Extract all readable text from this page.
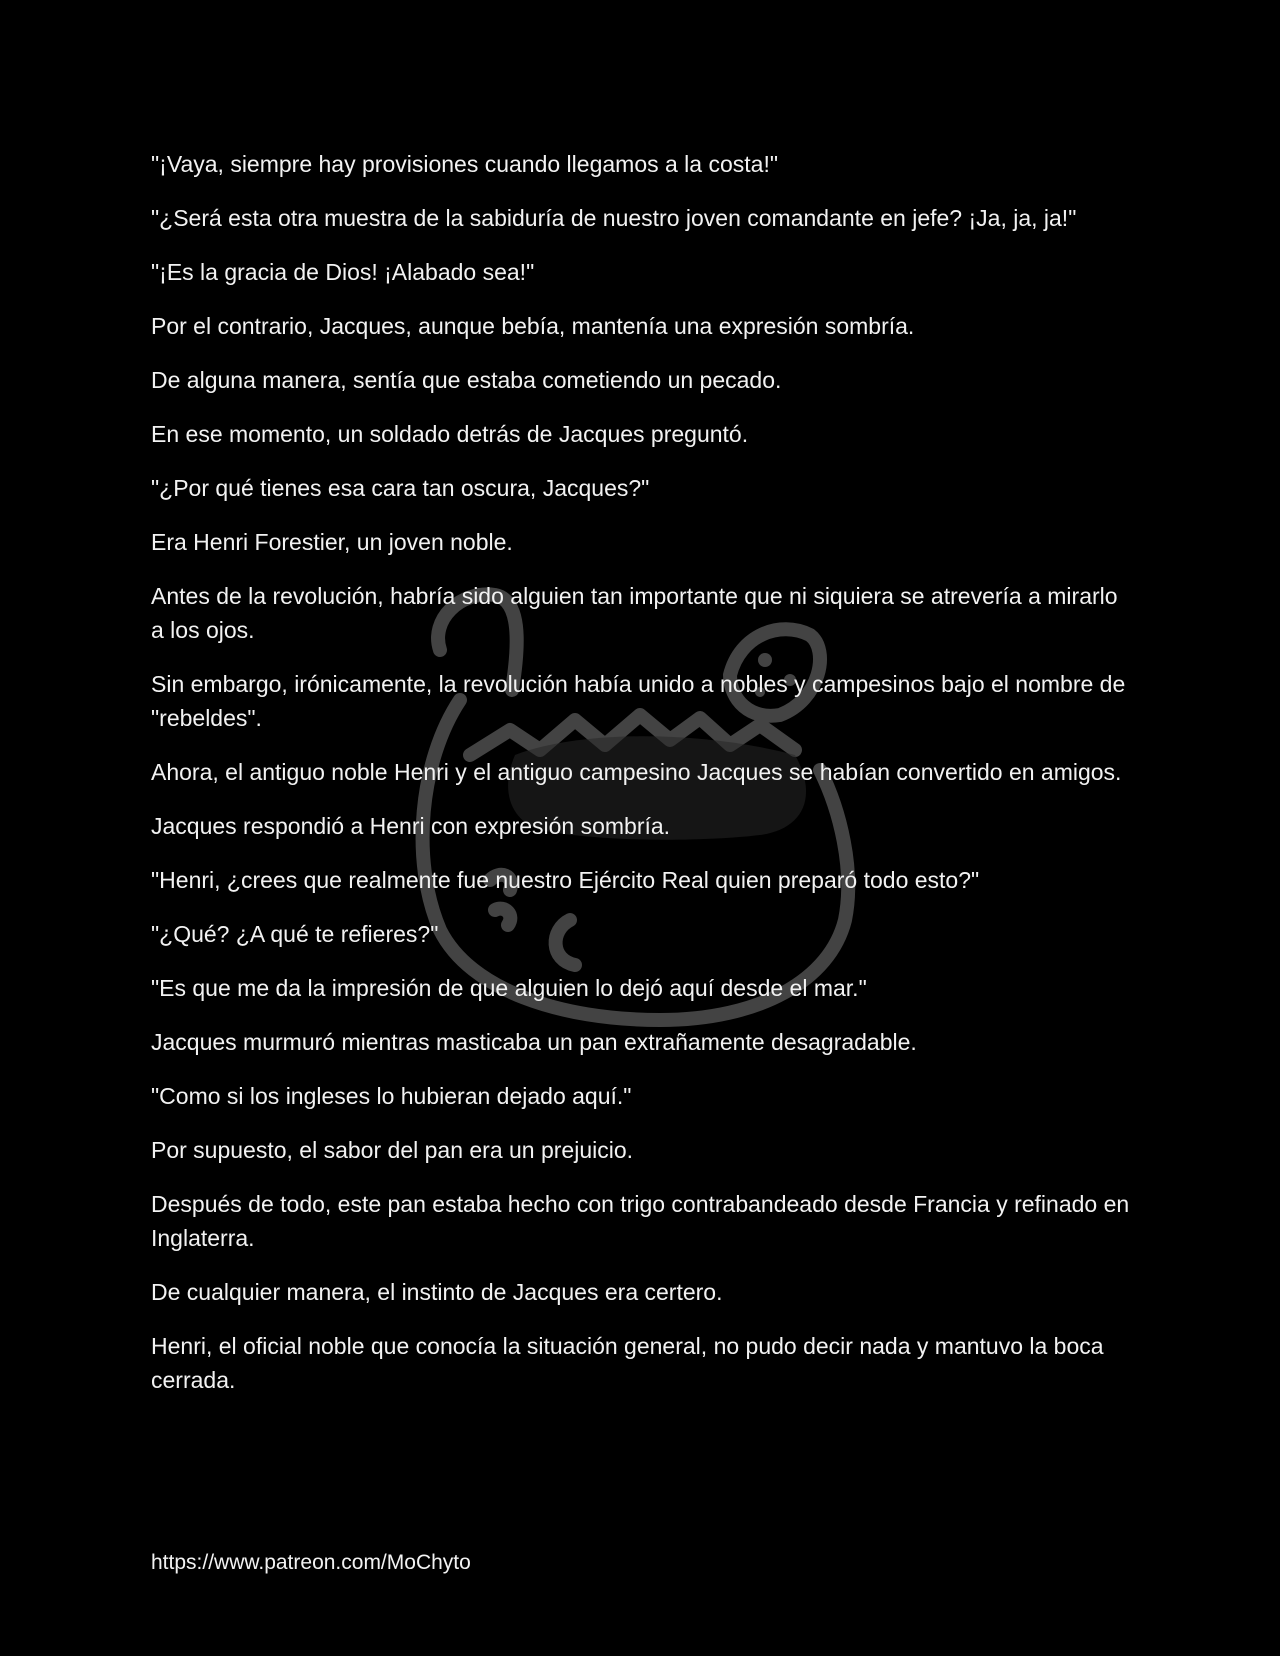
"¡Vaya, siempre hay provisiones cuando llegamos a la costa!"

"¿Será esta otra muestra de la sabiduría de nuestro joven comandante en jefe? ¡Ja, ja, ja!"

"¡Es la gracia de Dios! ¡Alabado sea!"

Por el contrario, Jacques, aunque bebía, mantenía una expresión sombría.

De alguna manera, sentía que estaba cometiendo un pecado.

En ese momento, un soldado detrás de Jacques preguntó.

"¿Por qué tienes esa cara tan oscura, Jacques?"

Era Henri Forestier, un joven noble.

Antes de la revolución, habría sido alguien tan importante que ni siquiera se atrevería a mirarlo a los ojos.

Sin embargo, irónicamente, la revolución había unido a nobles y campesinos bajo el nombre de "rebeldes".

Ahora, el antiguo noble Henri y el antiguo campesino Jacques se habían convertido en amigos.

Jacques respondió a Henri con expresión sombría.

"Henri, ¿crees que realmente fue nuestro Ejército Real quien preparó todo esto?"

"¿Qué? ¿A qué te refieres?"

"Es que me da la impresión de que alguien lo dejó aquí desde el mar."

Jacques murmuró mientras masticaba un pan extrañamente desagradable.

"Como si los ingleses lo hubieran dejado aquí."

Por supuesto, el sabor del pan era un prejuicio.

Después de todo, este pan estaba hecho con trigo contrabandeado desde Francia y refinado en Inglaterra.

De cualquier manera, el instinto de Jacques era certero.

Henri, el oficial noble que conocía la situación general, no pudo decir nada y mantuvo la boca cerrada.

https://www.patreon.com/MoChyto
